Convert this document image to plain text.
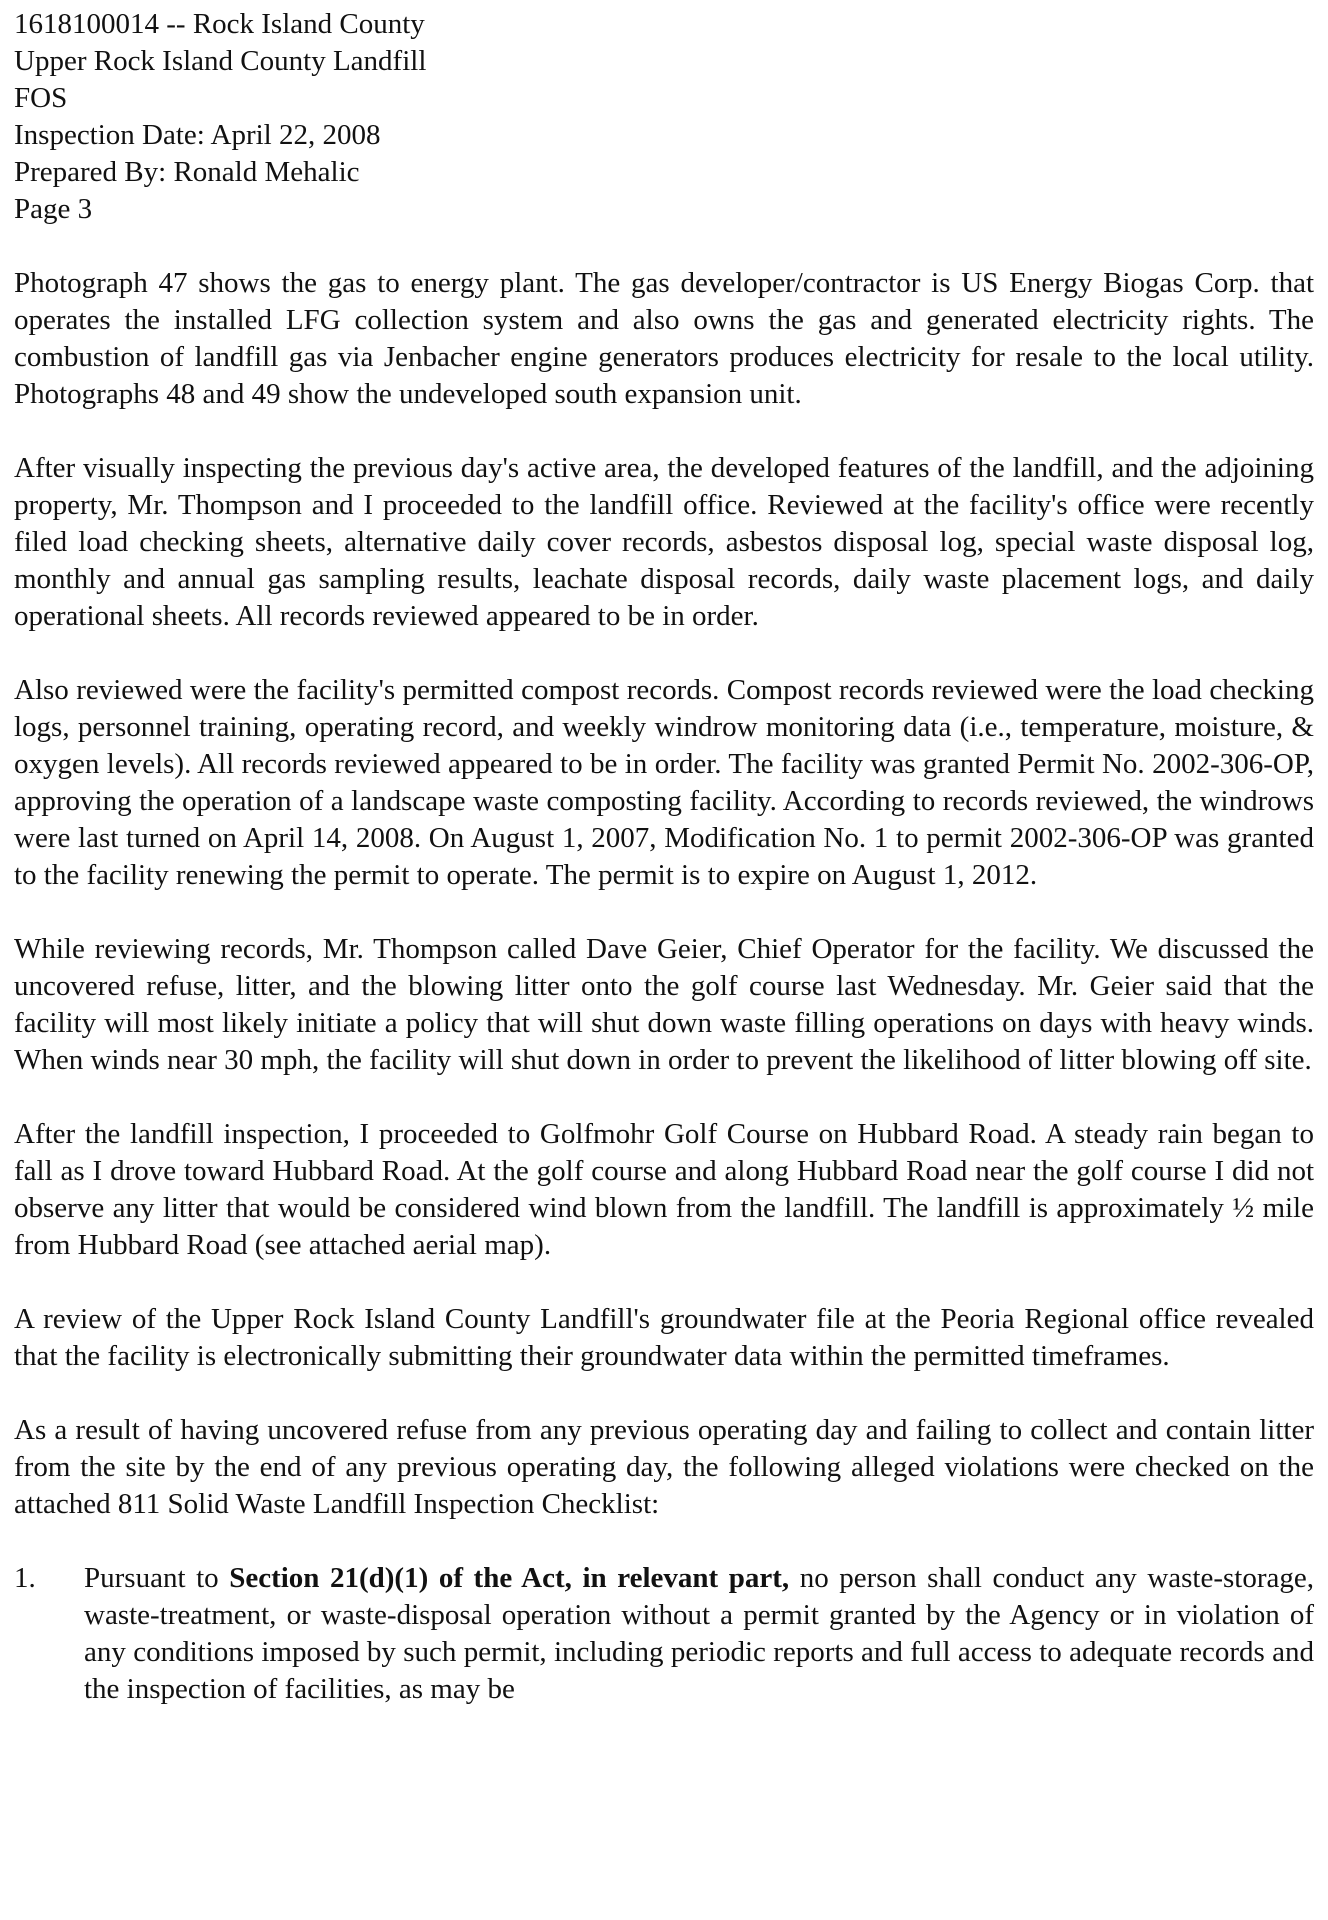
1618100014 -- Rock Island County

Upper Rock Island County Landfill

FOS

Inspection Date: April 22, 2008

Prepared By: Ronald Mehalic

Page 3

Photograph 47 shows the gas to energy plant. The gas developer/contractor is US Energy Biogas Corp. that operates the installed LFG collection system and also owns the gas and generated electricity rights. The combustion of landfill gas via Jenbacher engine generators produces electricity for resale to the local utility. Photographs 48 and 49 show the undeveloped south expansion unit.

After visually inspecting the previous day's active area, the developed features of the landfill, and the adjoining property, Mr. Thompson and I proceeded to the landfill office. Reviewed at the facility's office were recently filed load checking sheets, alternative daily cover records, asbestos disposal log, special waste disposal log, monthly and annual gas sampling results, leachate disposal records, daily waste placement logs, and daily operational sheets. All records reviewed appeared to be in order.

Also reviewed were the facility's permitted compost records. Compost records reviewed were the load checking logs, personnel training, operating record, and weekly windrow monitoring data (i.e., temperature, moisture, & oxygen levels). All records reviewed appeared to be in order. The facility was granted Permit No. 2002-306-OP, approving the operation of a landscape waste composting facility. According to records reviewed, the windrows were last turned on April 14, 2008. On August 1, 2007, Modification No. 1 to permit 2002-306-OP was granted to the facility renewing the permit to operate. The permit is to expire on August 1, 2012.

While reviewing records, Mr. Thompson called Dave Geier, Chief Operator for the facility. We discussed the uncovered refuse, litter, and the blowing litter onto the golf course last Wednesday. Mr. Geier said that the facility will most likely initiate a policy that will shut down waste filling operations on days with heavy winds. When winds near 30 mph, the facility will shut down in order to prevent the likelihood of litter blowing off site.

After the landfill inspection, I proceeded to Golfmohr Golf Course on Hubbard Road. A steady rain began to fall as I drove toward Hubbard Road. At the golf course and along Hubbard Road near the golf course I did not observe any litter that would be considered wind blown from the landfill. The landfill is approximately ½ mile from Hubbard Road (see attached aerial map).

A review of the Upper Rock Island County Landfill's groundwater file at the Peoria Regional office revealed that the facility is electronically submitting their groundwater data within the permitted timeframes.

As a result of having uncovered refuse from any previous operating day and failing to collect and contain litter from the site by the end of any previous operating day, the following alleged violations were checked on the attached 811 Solid Waste Landfill Inspection Checklist:

1.	Pursuant to Section 21(d)(1) of the Act, in relevant part, no person shall conduct any waste-storage, waste-treatment, or waste-disposal operation without a permit granted by the Agency or in violation of any conditions imposed by such permit, including periodic reports and full access to adequate records and the inspection of facilities, as may be
